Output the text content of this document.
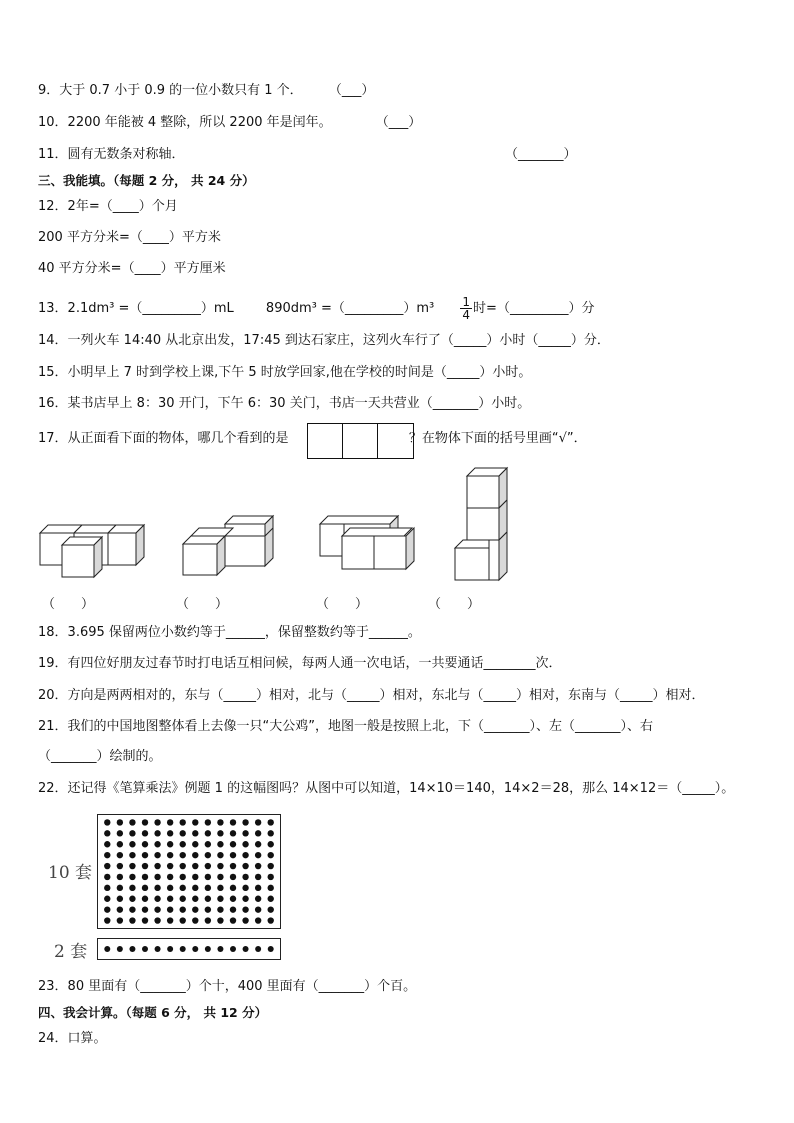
9．大于 0.7 小于 0.9 的一位小数只有 1 个． （___）
10．2200 年能被 4 整除，所以 2200 年是闰年。	（___）
11．圆有无数条对称轴．	（_______）
三、我能填。（每题 2 分， 共 24 分）
12．2年=（____）个月
200 平方分米=（____）平方米
40 平方分米=（____）平方厘米
13．2.1dm³ =（_________）mL 890dm³ =（_________）m³ $\frac{1}{4}$ 时=（_________）分
14．一列火车 14:40 从北京出发，17:45 到达石家庄，这列火车行了（_____）小时（_____）分．
15．小明早上 7 时到学校上课,下午 5 时放学回家,他在学校的时间是（_____）小时。
16．某书店早上 8：30 开门，下午 6：30 关门，书店一天共营业（_______）小时。
17．从正面看下面的物体，哪几个看到的是	？在物体下面的括号里画“√”．
（　　）	（　　）	（　　）	（　　）
18．3.695 保留两位小数约等于______，保留整数约等于______。
19．有四位好朋友过春节时打电话互相问候，每两人通一次电话，一共要通话________次．
20．方向是两两相对的，东与（_____）相对，北与（_____）相对，东北与（_____）相对，东南与（_____）相对．
21．我们的中国地图整体看上去像一只“大公鸡”，地图一般是按照上北，下（_______）、左（_______）、右
（_______）绘制的。
22．还记得《笔算乘法》例题 1 的这幅图吗？从图中可以知道，14×10＝140，14×2＝28，那么 14×12＝（_____）。
10 套
2 套
23．80 里面有（_______）个十，400 里面有（_______）个百。
四、我会计算。（每题 6 分， 共 12 分）
24．口算。
